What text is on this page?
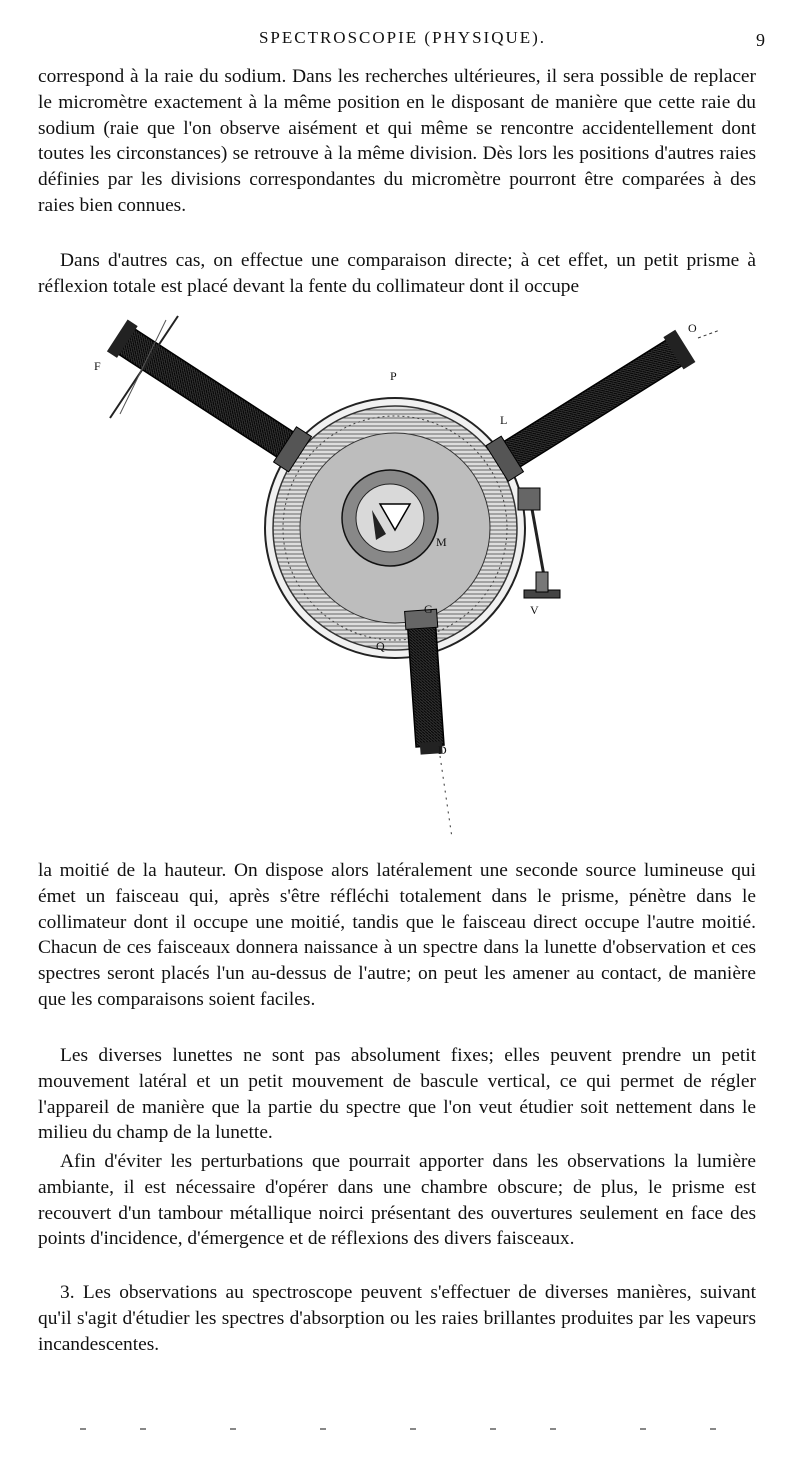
SPECTROSCOPIE (PHYSIQUE).	9

correspond à la raie du sodium. Dans les recherches ultérieures, il sera possible de replacer le micromètre exactement à la même position en le disposant de manière que cette raie du sodium (raie que l'on observe aisément et qui même se rencontre accidentellement dont toutes les circonstances) se retrouve à la même division. Dès lors les positions d'autres raies définies par les divisions correspondantes du micromètre pourront être comparées à des raies bien connues.

Dans d'autres cas, on effectue une comparaison directe; à cet effet, un petit prisme à réflexion totale est placé devant la fente du collimateur dont il occupe

F
P
L
O
M
V
Q
G
D

la moitié de la hauteur. On dispose alors latéralement une seconde source lumineuse qui émet un faisceau qui, après s'être réfléchi totalement dans le prisme, pénètre dans le collimateur dont il occupe une moitié, tandis que le faisceau direct occupe l'autre moitié. Chacun de ces faisceaux donnera naissance à un spectre dans la lunette d'observation et ces spectres seront placés l'un au-dessus de l'autre; on peut les amener au contact, de manière que les comparaisons soient faciles.

Les diverses lunettes ne sont pas absolument fixes; elles peuvent prendre un petit mouvement latéral et un petit mouvement de bascule vertical, ce qui permet de régler l'appareil de manière que la partie du spectre que l'on veut étudier soit nettement dans le milieu du champ de la lunette.

Afin d'éviter les perturbations que pourrait apporter dans les observations la lumière ambiante, il est nécessaire d'opérer dans une chambre obscure; de plus, le prisme est recouvert d'un tambour métallique noirci présentant des ouvertures seulement en face des points d'incidence, d'émergence et de réflexions des divers faisceaux.

3. Les observations au spectroscope peuvent s'effectuer de diverses manières, suivant qu'il s'agit d'étudier les spectres d'absorption ou les raies brillantes produites par les vapeurs incandescentes.
